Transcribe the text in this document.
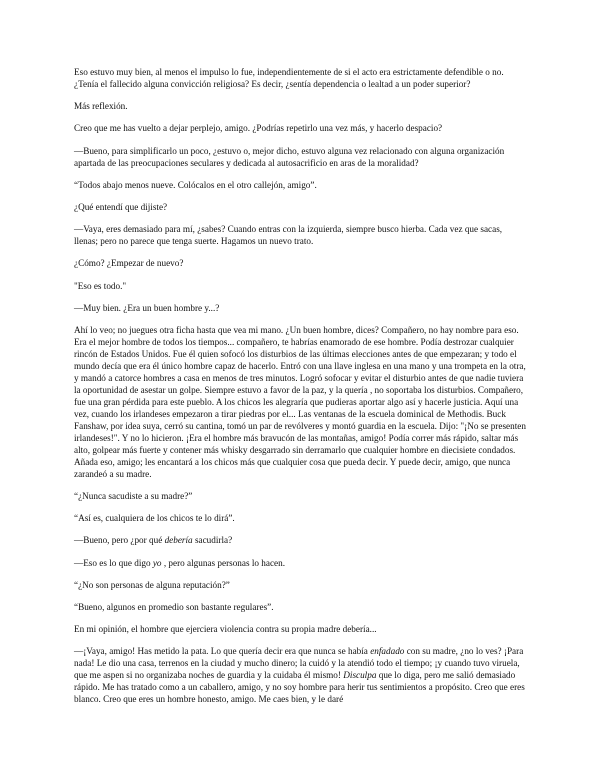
Eso estuvo muy bien, al menos el impulso lo fue, independientemente de si el acto era estrictamente defendible o no. ¿Tenía el fallecido alguna convicción religiosa? Es decir, ¿sentía dependencia o lealtad a un poder superior?

Más reflexión.

Creo que me has vuelto a dejar perplejo, amigo. ¿Podrías repetirlo una vez más, y hacerlo despacio?

—Bueno, para simplificarlo un poco, ¿estuvo o, mejor dicho, estuvo alguna vez relacionado con alguna organización apartada de las preocupaciones seculares y dedicada al autosacrificio en aras de la moralidad?

“Todos abajo menos nueve. Colócalos en el otro callejón, amigo”.

¿Qué entendí que dijiste?

—Vaya, eres demasiado para mí, ¿sabes? Cuando entras con la izquierda, siempre busco hierba. Cada vez que sacas, llenas; pero no parece que tenga suerte. Hagamos un nuevo trato.

¿Cómo? ¿Empezar de nuevo?

"Eso es todo."

—Muy bien. ¿Era un buen hombre y...?

Ahí lo veo; no juegues otra ficha hasta que vea mi mano. ¿Un buen hombre, dices? Compañero, no hay nombre para eso. Era el mejor hombre de todos los tiempos... compañero, te habrías enamorado de ese hombre. Podía destrozar cualquier rincón de Estados Unidos. Fue él quien sofocó los disturbios de las últimas elecciones antes de que empezaran; y todo el mundo decía que era él único hombre capaz de hacerlo. Entró con una llave inglesa en una mano y una trompeta en la otra, y mandó a catorce hombres a casa en menos de tres minutos. Logró sofocar y evitar el disturbio antes de que nadie tuviera la oportunidad de asestar un golpe. Siempre estuvo a favor de la paz, y la quería , no soportaba los disturbios. Compañero, fue una gran pérdida para este pueblo. A los chicos les alegraría que pudieras aportar algo así y hacerle justicia. Aquí una vez, cuando los irlandeses empezaron a tirar piedras por el... Las ventanas de la escuela dominical de Methodis. Buck Fanshaw, por idea suya, cerró su cantina, tomó un par de revólveres y montó guardia en la escuela. Dijo: "¡No se presenten irlandeses!". Y no lo hicieron. ¡Era el hombre más bravucón de las montañas, amigo! Podía correr más rápido, saltar más alto, golpear más fuerte y contener más whisky desgarrado sin derramarlo que cualquier hombre en diecisiete condados. Añada eso, amigo; les encantará a los chicos más que cualquier cosa que pueda decir. Y puede decir, amigo, que nunca zarandeó a su madre.

“¿Nunca sacudiste a su madre?”

“Así es, cualquiera de los chicos te lo dirá”.

—Bueno, pero ¿por qué debería sacudirla?

—Eso es lo que digo yo , pero algunas personas lo hacen.

“¿No son personas de alguna reputación?”

“Bueno, algunos en promedio son bastante regulares”.

En mi opinión, el hombre que ejerciera violencia contra su propia madre debería...

—¡Vaya, amigo! Has metido la pata. Lo que quería decir era que nunca se había enfadado con su madre, ¿no lo ves? ¡Para nada! Le dio una casa, terrenos en la ciudad y mucho dinero; la cuidó y la atendió todo el tiempo; ¡y cuando tuvo viruela, que me aspen si no organizaba noches de guardia y la cuidaba él mismo! Disculpa que lo diga, pero me salió demasiado rápido. Me has tratado como a un caballero, amigo, y no soy hombre para herir tus sentimientos a propósito. Creo que eres blanco. Creo que eres un hombre honesto, amigo. Me caes bien, y le daré
